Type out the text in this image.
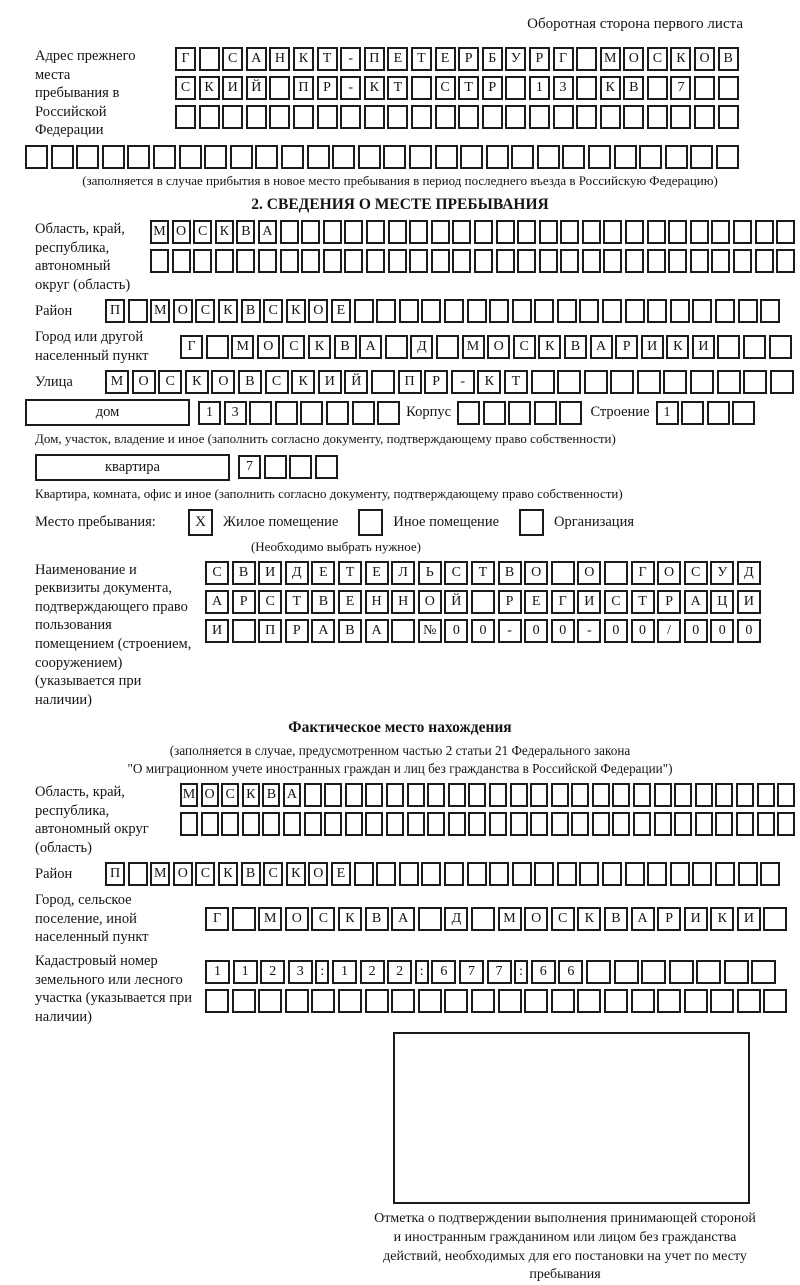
Оборотная сторона первого листа
Адрес прежнего места пребывания в Российской Федерации
Г	С А Н К	Т	-	П	Е	Т	Е	Р	Б	У	Р	Г	М О С	К О В
С	К И Й	П	Р	-	К	Т	С	Т	Р	1	3	К	В	7
(заполняется в случае прибытия в новое место пребывания в период последнего въезда в Российскую Федерацию)
2. СВЕДЕНИЯ О МЕСТЕ ПРЕБЫВАНИЯ
Область, край, республика, автономный округ (область)
М О С К В А
Район	П	М О С К В С К О Е
Город или другой населенный пункт
Г	М	О	С	К	В	А	Д	М	О	С	К	В	А	Р	И	К	И
Улица	М	О	С	К	О	В	С	К	И	Й	П	Р	-	К	Т
дом	1	3	Корпус	Строение	1
Дом, участок, владение и иное (заполнить согласно документу, подтверждающему право собственности)
квартира	7
Квартира, комната, офис и иное (заполнить согласно документу, подтверждающему право собственности)
Место пребывания:	X	Жилое помещение	Иное помещение	Организация
(Необходимо выбрать нужное)
Наименование и реквизиты документа, подтверждающего право пользования помещением (строением, сооружением) (указывается при наличии)
С	В	И	Д	Е	Т	Е	Л	Ь	С	Т	В	О	О	Г	О	С	У	Д
А	Р	С	Т	В	Е	Н	Н	О	Й	Р	Е	Г	И	С	Т	Р	А	Ц	И
И	П	Р	А	В	А	№	0	0	-	0	0	-	0	0	/	0	0	0
Фактическое место нахождения
(заполняется в случае, предусмотренном частью 2 статьи 21 Федерального закона
"О миграционном учете иностранных граждан и лиц без гражданства в Российской Федерации")
Область, край, республика, автономный округ (область)
М О С К В А
Район	П	М О С К В С К О Е
Город, сельское поселение, иной населенный пункт
Г	М	О	С	К	В	А	Д	М	О	С	К	В	А	Р	И	К	И
Кадастровый номер земельного или лесного участка (указывается при наличии)
1	1	2	3	:	1	2	2	:	6	7	7	:	6	6
Отметка о подтверждении выполнения принимающей стороной и иностранным гражданином или лицом без гражданства действий, необходимых для его постановки на учет по месту пребывания
